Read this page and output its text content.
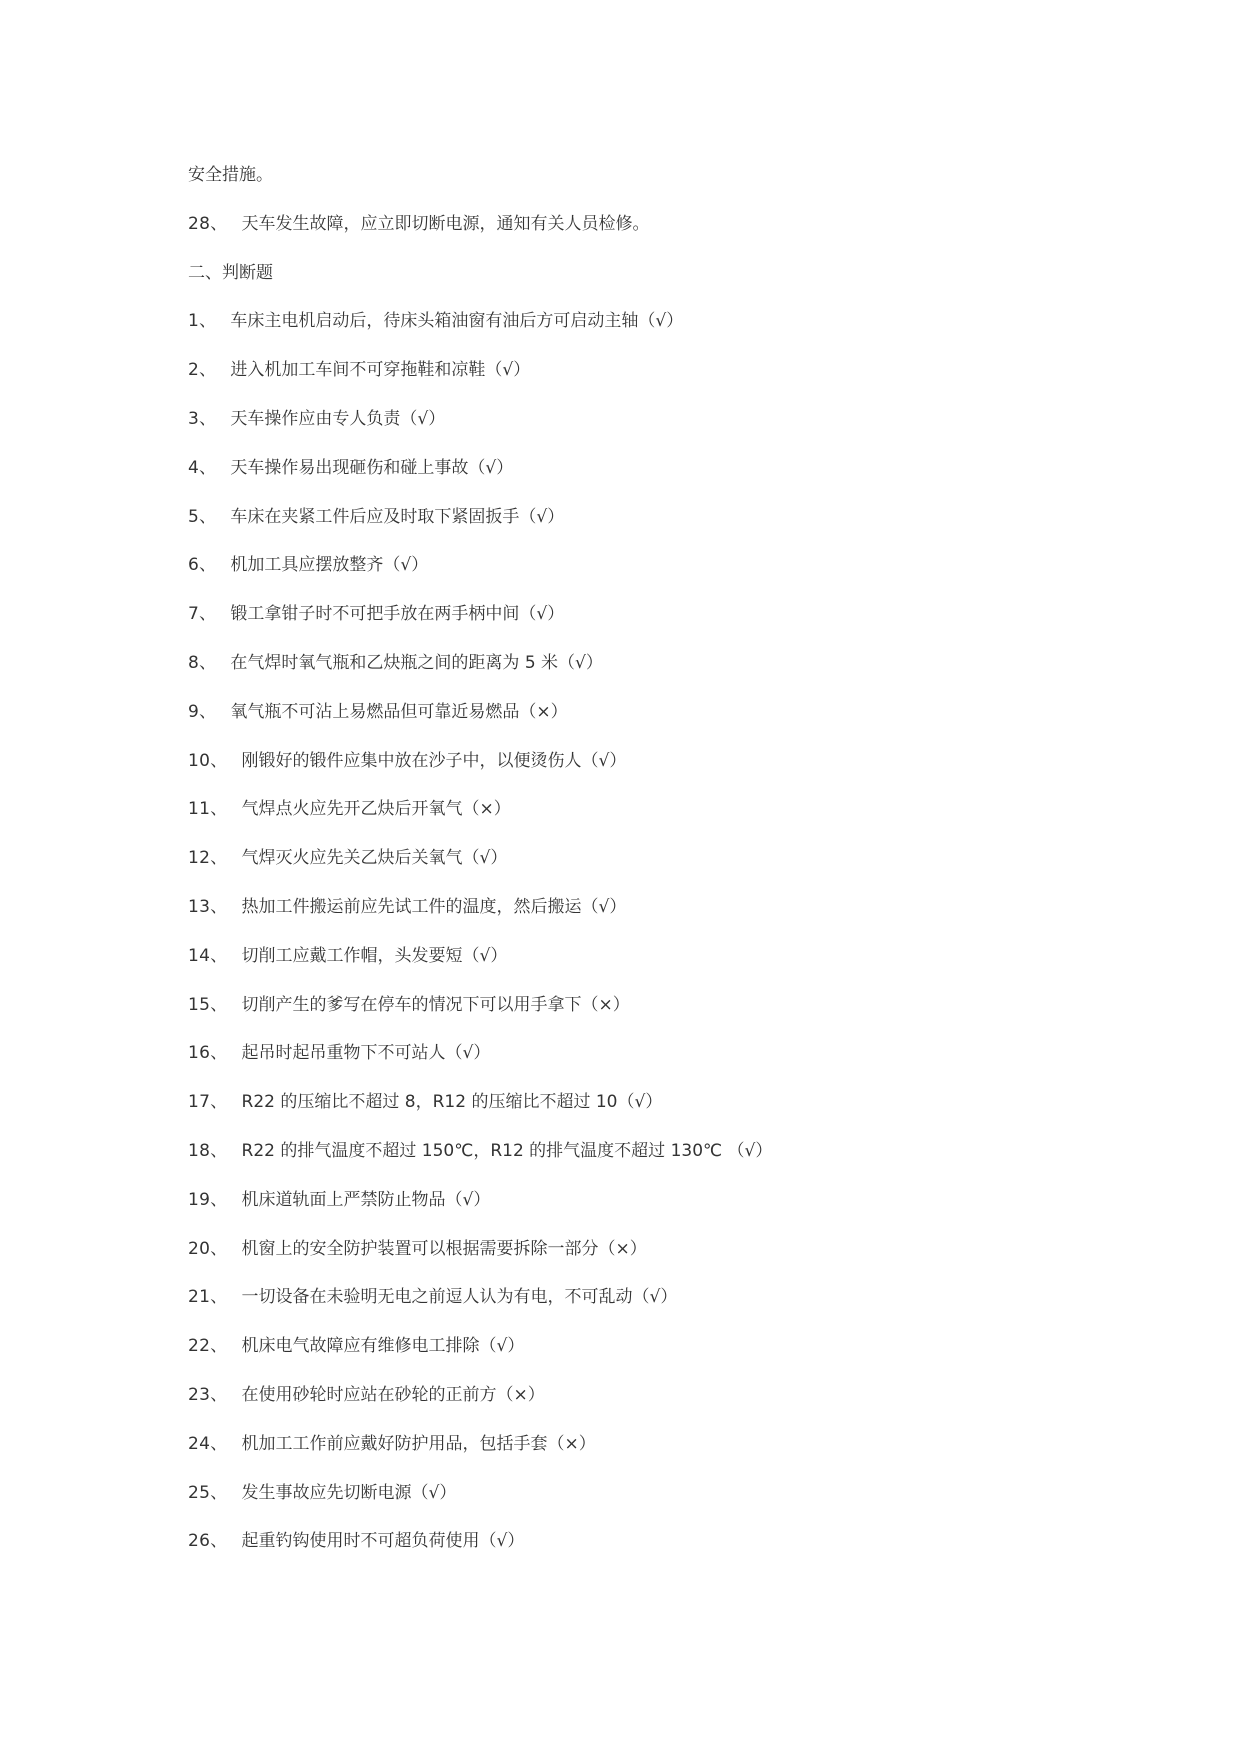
安全措施。
28、 天车发生故障，应立即切断电源，通知有关人员检修。
二、判断题
1、 车床主电机启动后，待床头箱油窗有油后方可启动主轴（√）
2、 进入机加工车间不可穿拖鞋和凉鞋（√）
3、 天车操作应由专人负责（√）
4、 天车操作易出现砸伤和碰上事故（√）
5、 车床在夹紧工件后应及时取下紧固扳手（√）
6、 机加工具应摆放整齐（√）
7、 锻工拿钳子时不可把手放在两手柄中间（√）
8、 在气焊时氧气瓶和乙炔瓶之间的距离为 5 米（√）
9、 氧气瓶不可沾上易燃品但可靠近易燃品（×）
10、 刚锻好的锻件应集中放在沙子中，以便烫伤人（√）
11、 气焊点火应先开乙炔后开氧气（×）
12、 气焊灭火应先关乙炔后关氧气（√）
13、 热加工件搬运前应先试工件的温度，然后搬运（√）
14、 切削工应戴工作帽，头发要短（√）
15、 切削产生的爹写在停车的情况下可以用手拿下（×）
16、 起吊时起吊重物下不可站人（√）
17、 R22 的压缩比不超过 8，R12 的压缩比不超过 10（√）
18、 R22 的排气温度不超过 150℃，R12 的排气温度不超过 130℃ （√）
19、 机床道轨面上严禁防止物品（√）
20、 机窗上的安全防护装置可以根据需要拆除一部分（×）
21、 一切设备在未验明无电之前逗人认为有电，不可乱动（√）
22、 机床电气故障应有维修电工排除（√）
23、 在使用砂轮时应站在砂轮的正前方（×）
24、 机加工工作前应戴好防护用品，包括手套（×）
25、 发生事故应先切断电源（√）
26、 起重钓钩使用时不可超负荷使用（√）
